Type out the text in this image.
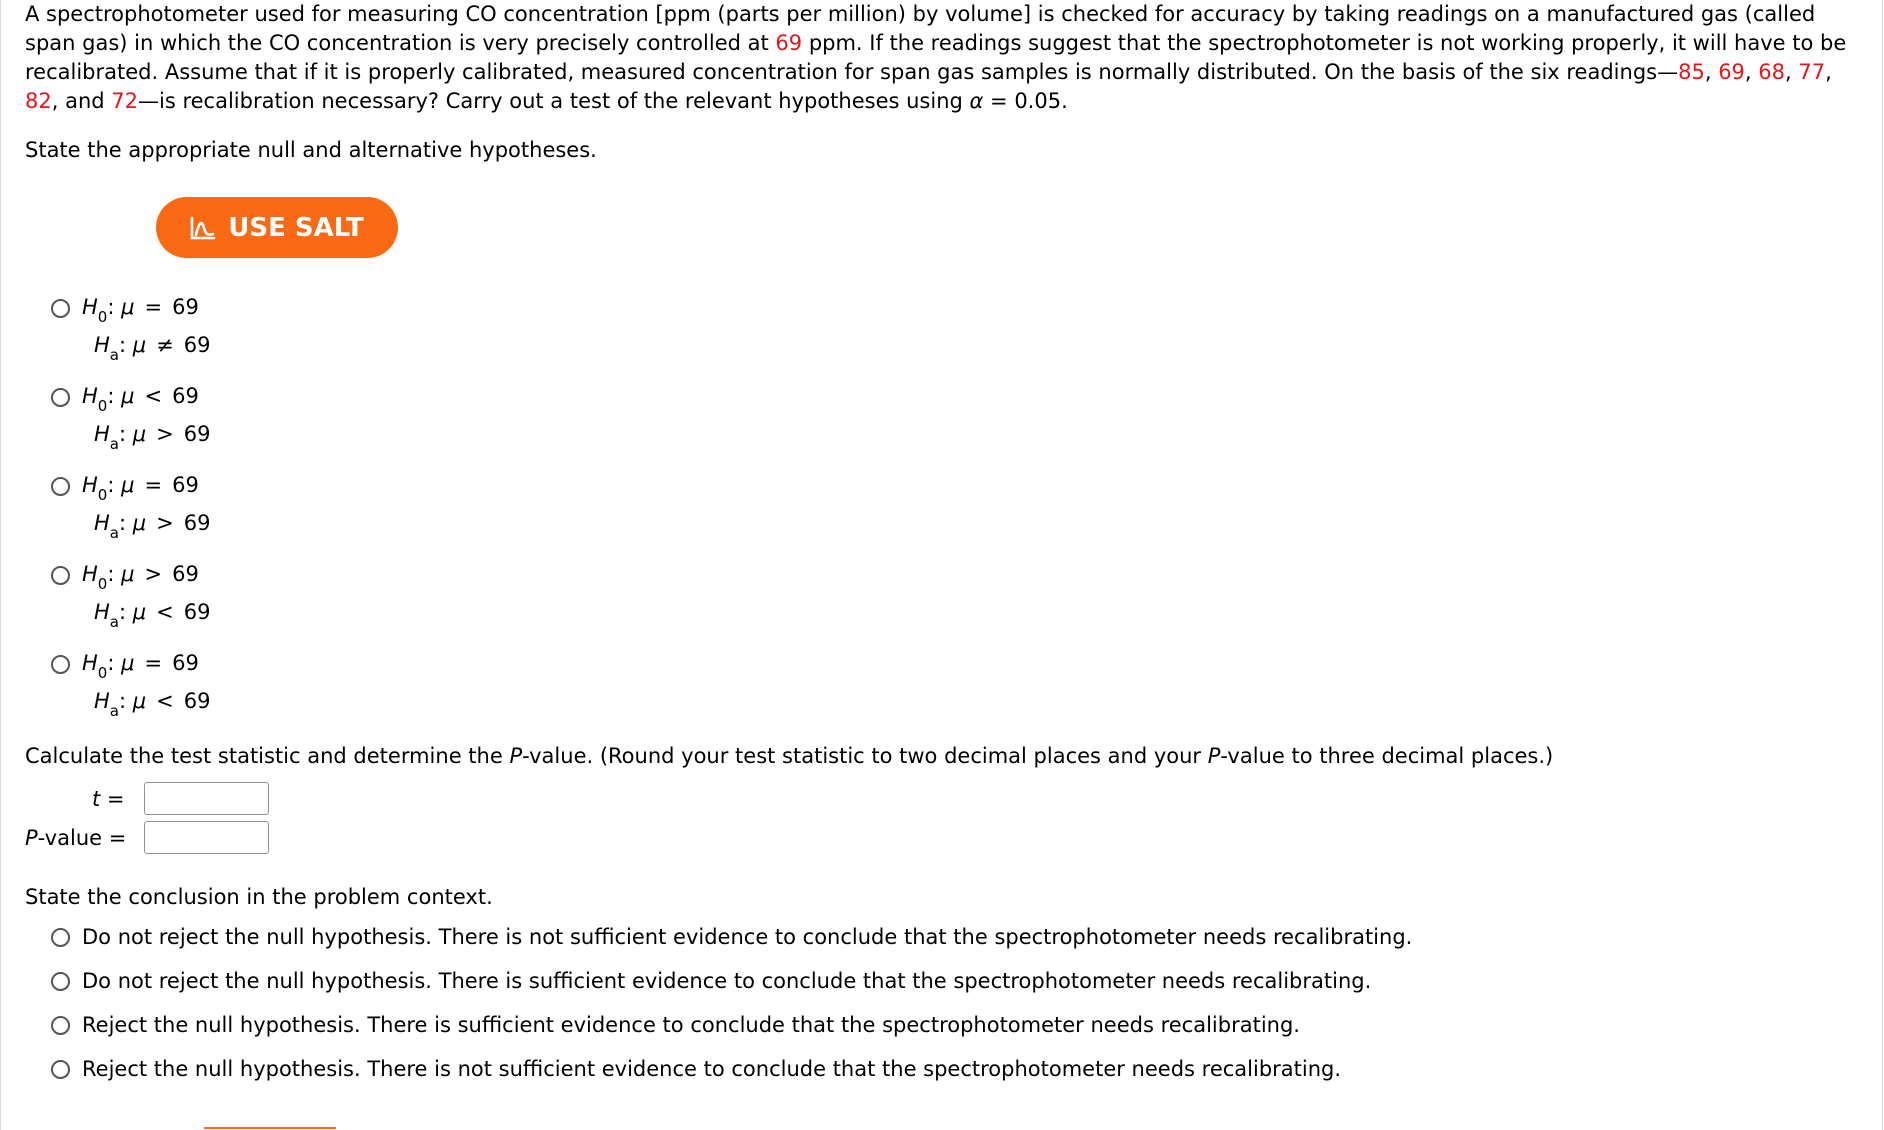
A spectrophotometer used for measuring CO concentration [ppm (parts per million) by volume] is checked for accuracy by taking readings on a manufactured gas (called span gas) in which the CO concentration is very precisely controlled at 69 ppm. If the readings suggest that the spectrophotometer is not working properly, it will have to be recalibrated. Assume that if it is properly calibrated, measured concentration for span gas samples is normally distributed. On the basis of the six readings—85, 69, 68, 77, 82, and 72—is recalibration necessary? Carry out a test of the relevant hypotheses using α = 0.05.

State the appropriate null and alternative hypotheses.

USE SALT
$H_0$: μ = 69
$H_a$: μ ≠ 69
$H_0$: μ < 69
$H_a$: μ > 69
$H_0$: μ = 69
$H_a$: μ > 69
$H_0$: μ > 69
$H_a$: μ < 69
$H_0$: μ = 69
$H_a$: μ < 69

Calculate the test statistic and determine the P-value. (Round your test statistic to two decimal places and your P-value to three decimal places.)

t =
P-value =

State the conclusion in the problem context.

Do not reject the null hypothesis. There is not sufficient evidence to conclude that the spectrophotometer needs recalibrating.
Do not reject the null hypothesis. There is sufficient evidence to conclude that the spectrophotometer needs recalibrating.
Reject the null hypothesis. There is sufficient evidence to conclude that the spectrophotometer needs recalibrating.
Reject the null hypothesis. There is not sufficient evidence to conclude that the spectrophotometer needs recalibrating.
